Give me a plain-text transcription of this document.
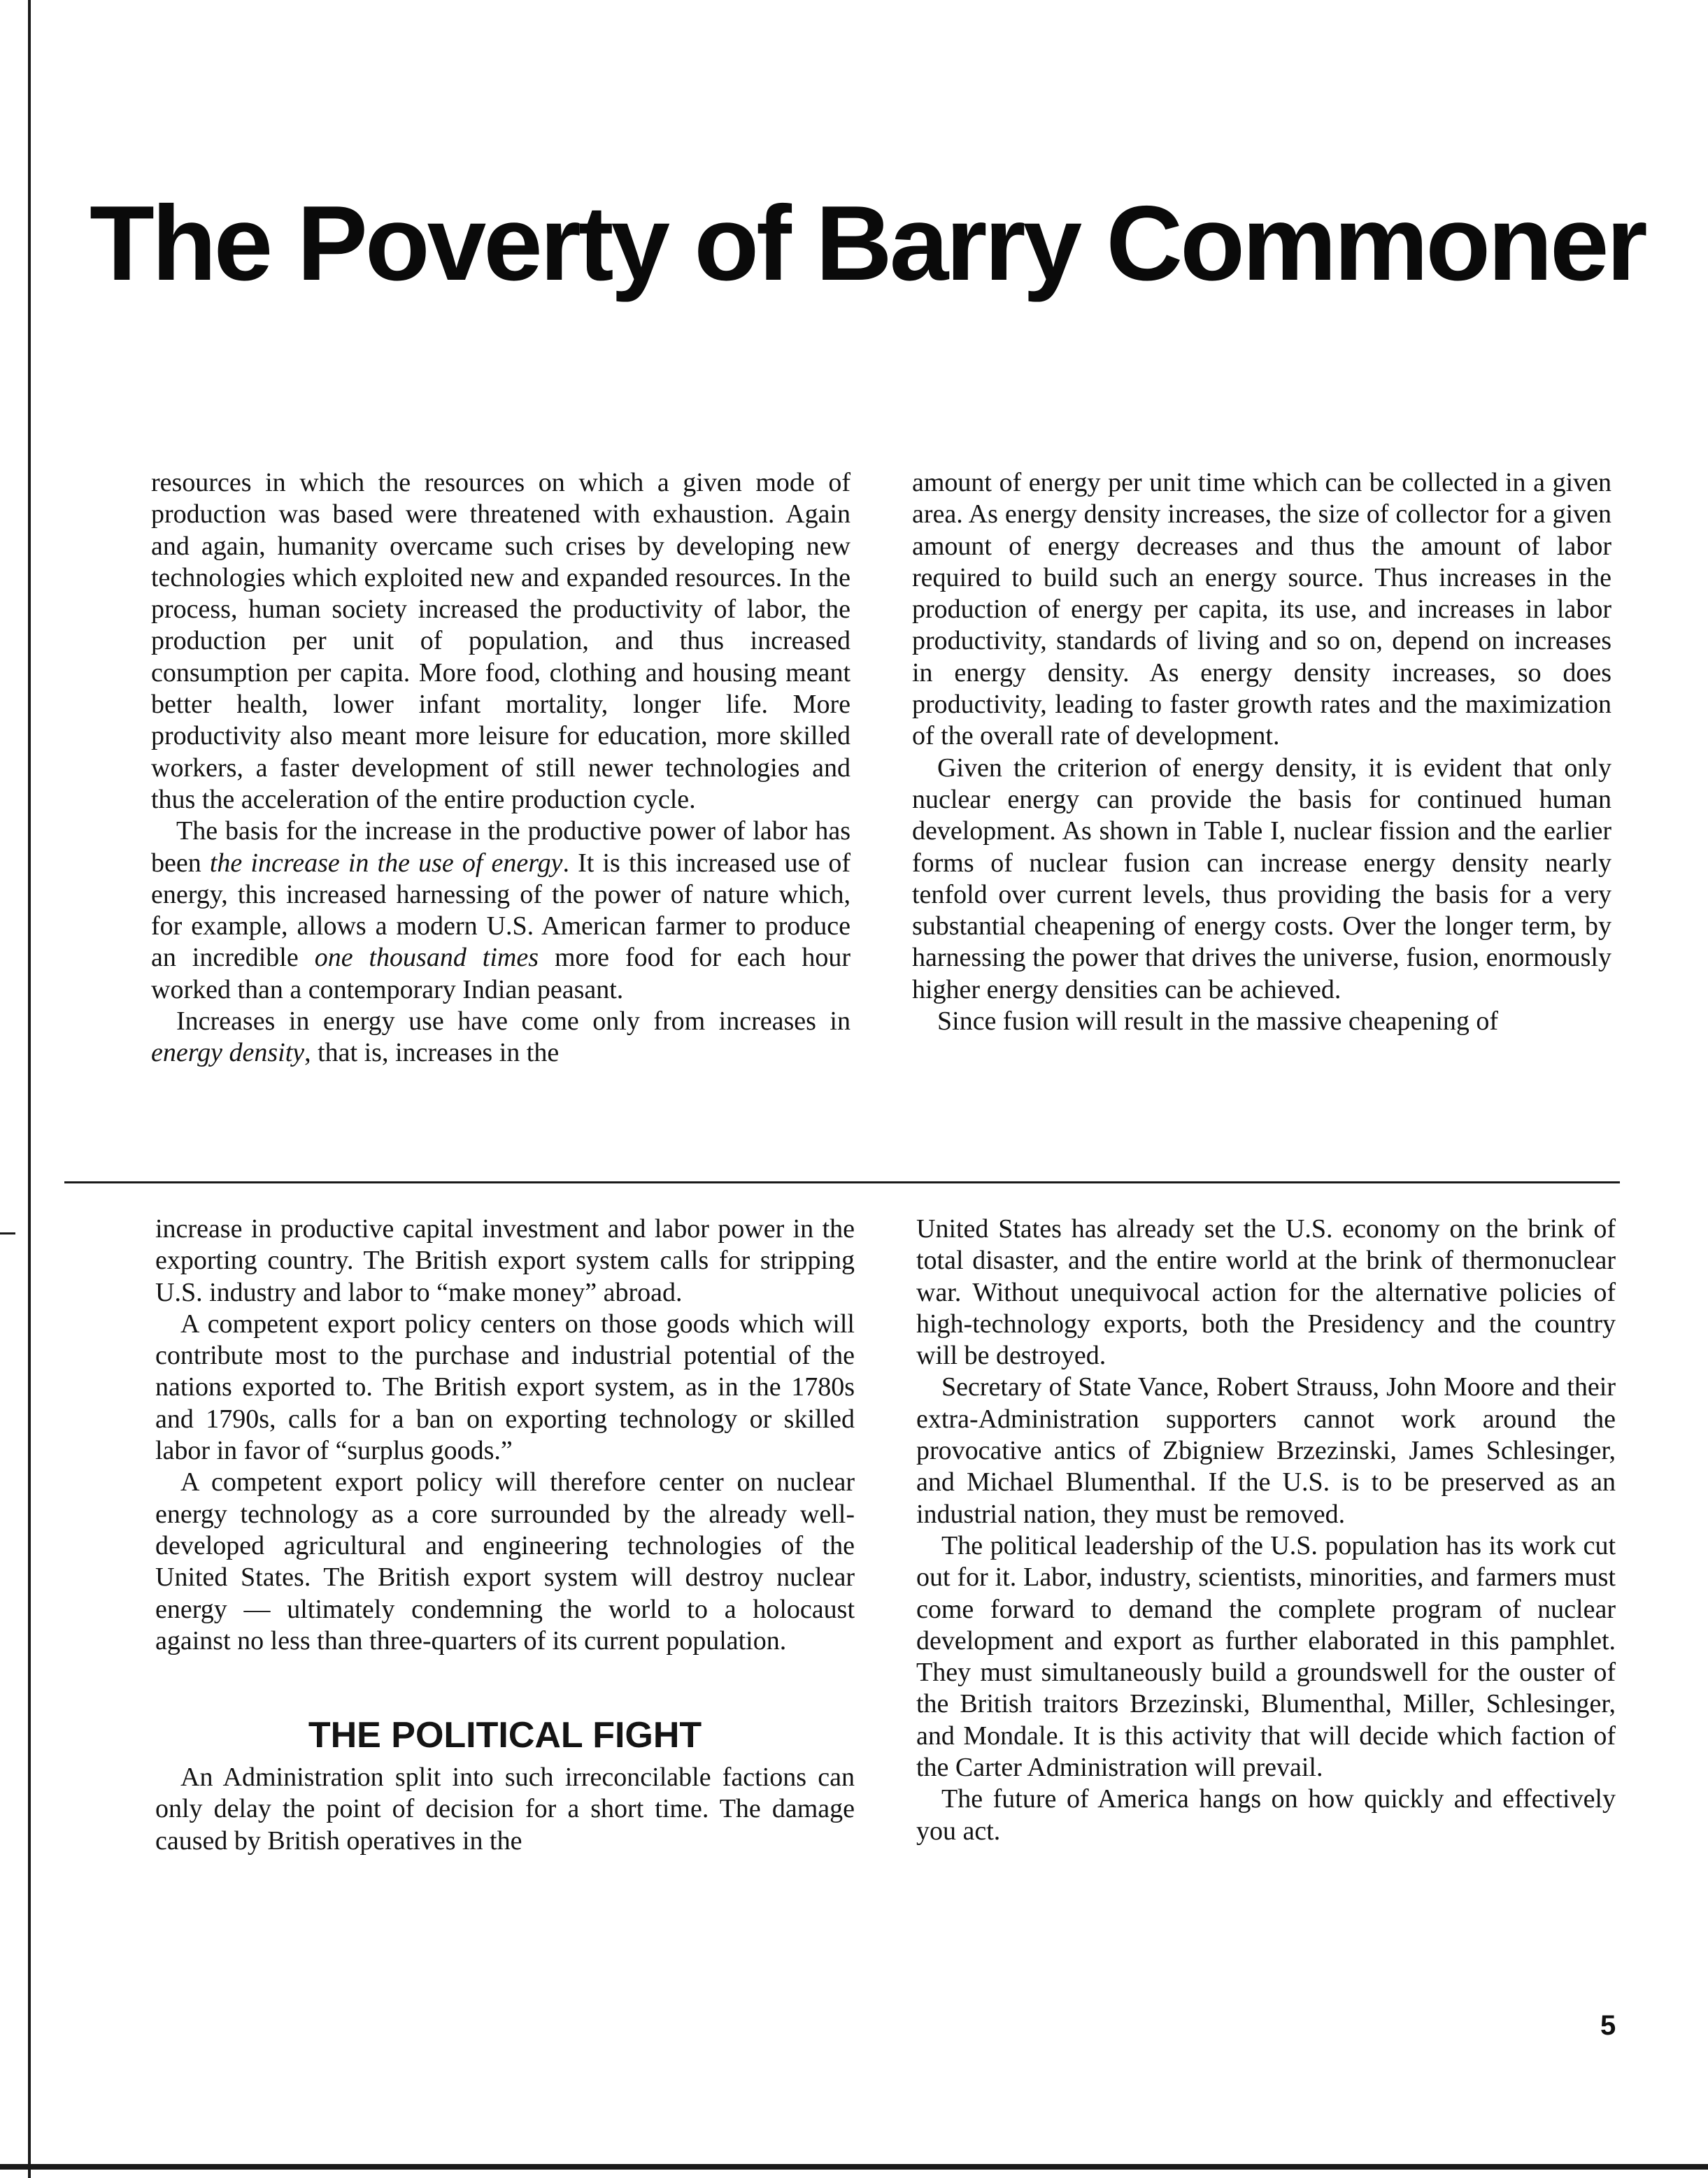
The Poverty of Barry Commoner

resources in which the resources on which a given mode of production was based were threatened with exhaustion. Again and again, humanity overcame such crises by developing new technologies which exploited new and expanded resources. In the process, human society increased the productivity of labor, the production per unit of population, and thus increased consumption per capita. More food, clothing and housing meant better health, lower infant mortality, longer life. More productivity also meant more leisure for education, more skilled workers, a faster development of still newer technologies and thus the acceleration of the entire production cycle.

The basis for the increase in the productive power of labor has been the increase in the use of energy. It is this increased use of energy, this increased harnessing of the power of nature which, for example, allows a modern U.S. American farmer to produce an incredible one thousand times more food for each hour worked than a contemporary Indian peasant.

Increases in energy use have come only from increases in energy density, that is, increases in the

amount of energy per unit time which can be collected in a given area. As energy density increases, the size of collector for a given amount of energy decreases and thus the amount of labor required to build such an energy source. Thus increases in the production of energy per capita, its use, and increases in labor productivity, standards of living and so on, depend on increases in energy density. As energy density increases, so does productivity, leading to faster growth rates and the maximization of the overall rate of development.

Given the criterion of energy density, it is evident that only nuclear energy can provide the basis for continued human development. As shown in Table I, nuclear fission and the earlier forms of nuclear fusion can increase energy density nearly tenfold over current levels, thus providing the basis for a very substantial cheapening of energy costs. Over the longer term, by harnessing the power that drives the universe, fusion, enormously higher energy densities can be achieved.

Since fusion will result in the massive cheapening of

increase in productive capital investment and labor power in the exporting country. The British export system calls for stripping U.S. industry and labor to “make money” abroad.

A competent export policy centers on those goods which will contribute most to the purchase and industrial potential of the nations exported to. The British export system, as in the 1780s and 1790s, calls for a ban on exporting technology or skilled labor in favor of “surplus goods.”

A competent export policy will therefore center on nuclear energy technology as a core surrounded by the already well-developed agricultural and engineering technologies of the United States. The British export system will destroy nuclear energy — ultimately condemning the world to a holocaust against no less than three-quarters of its current population.

THE POLITICAL FIGHT

An Administration split into such irreconcilable factions can only delay the point of decision for a short time. The damage caused by British operatives in the

United States has already set the U.S. economy on the brink of total disaster, and the entire world at the brink of thermonuclear war. Without unequivocal action for the alternative policies of high-technology exports, both the Presidency and the country will be destroyed.

Secretary of State Vance, Robert Strauss, John Moore and their extra-Administration supporters cannot work around the provocative antics of Zbigniew Brzezinski, James Schlesinger, and Michael Blumenthal. If the U.S. is to be preserved as an industrial nation, they must be removed.

The political leadership of the U.S. population has its work cut out for it. Labor, industry, scientists, minorities, and farmers must come forward to demand the complete program of nuclear development and export as further elaborated in this pamphlet. They must simultaneously build a groundswell for the ouster of the British traitors Brzezinski, Blumenthal, Miller, Schlesinger, and Mondale. It is this activity that will decide which faction of the Carter Administration will prevail.

The future of America hangs on how quickly and effectively you act.

5
